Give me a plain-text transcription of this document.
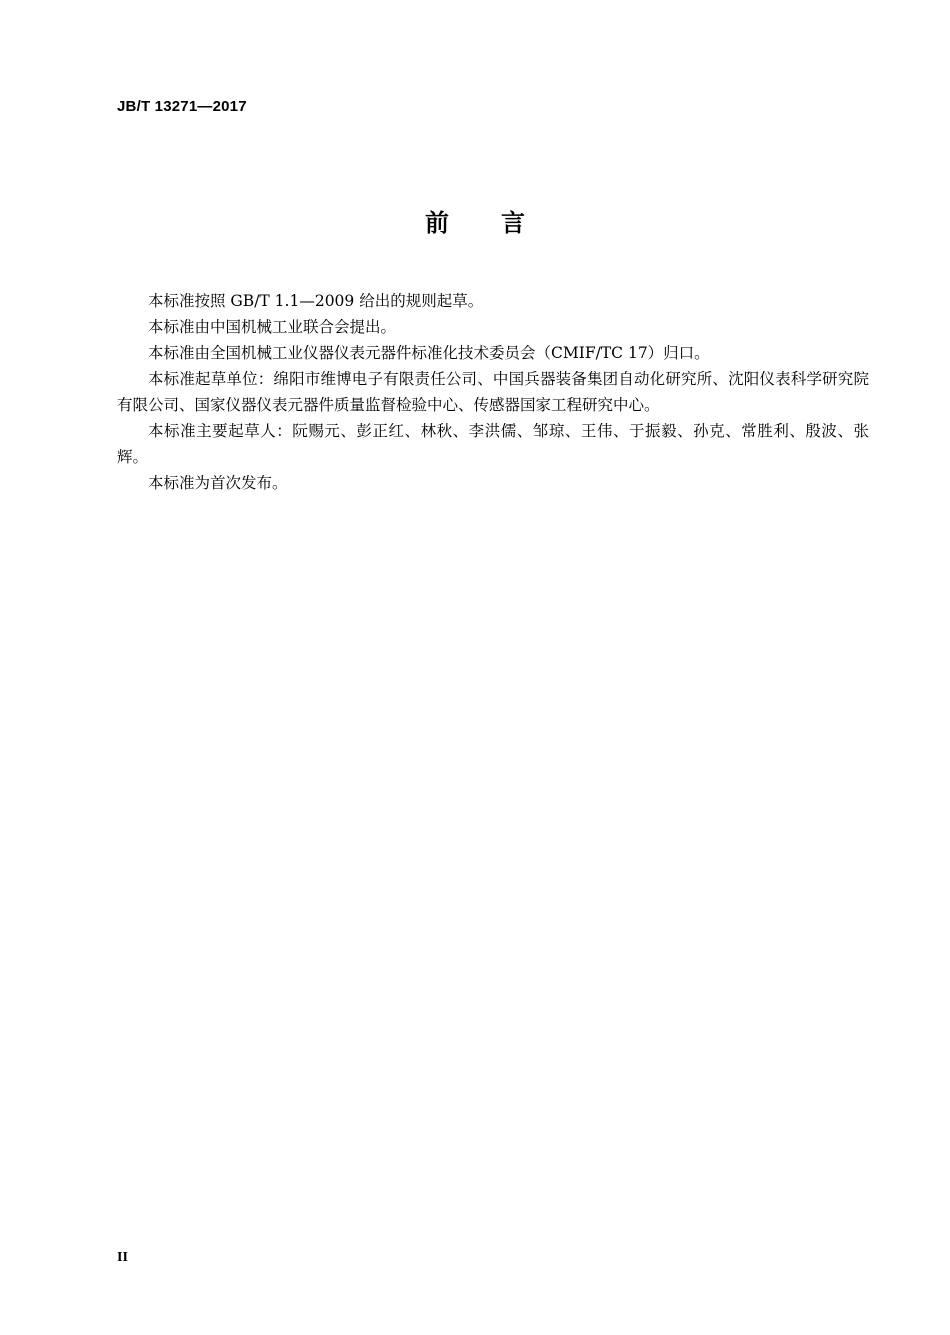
JB/T 13271—2017
前言

本标准按照 GB/T 1.1—2009 给出的规则起草。

本标准由中国机械工业联合会提出。

本标准由全国机械工业仪器仪表元器件标准化技术委员会（CMIF/TC 17）归口。

本标准起草单位：绵阳市维博电子有限责任公司、中国兵器装备集团自动化研究所、沈阳仪表科学研究院有限公司、国家仪器仪表元器件质量监督检验中心、传感器国家工程研究中心。

本标准主要起草人：阮赐元、彭正红、林秋、李洪儒、邹琼、王伟、于振毅、孙克、常胜利、殷波、张辉。

本标准为首次发布。

II
